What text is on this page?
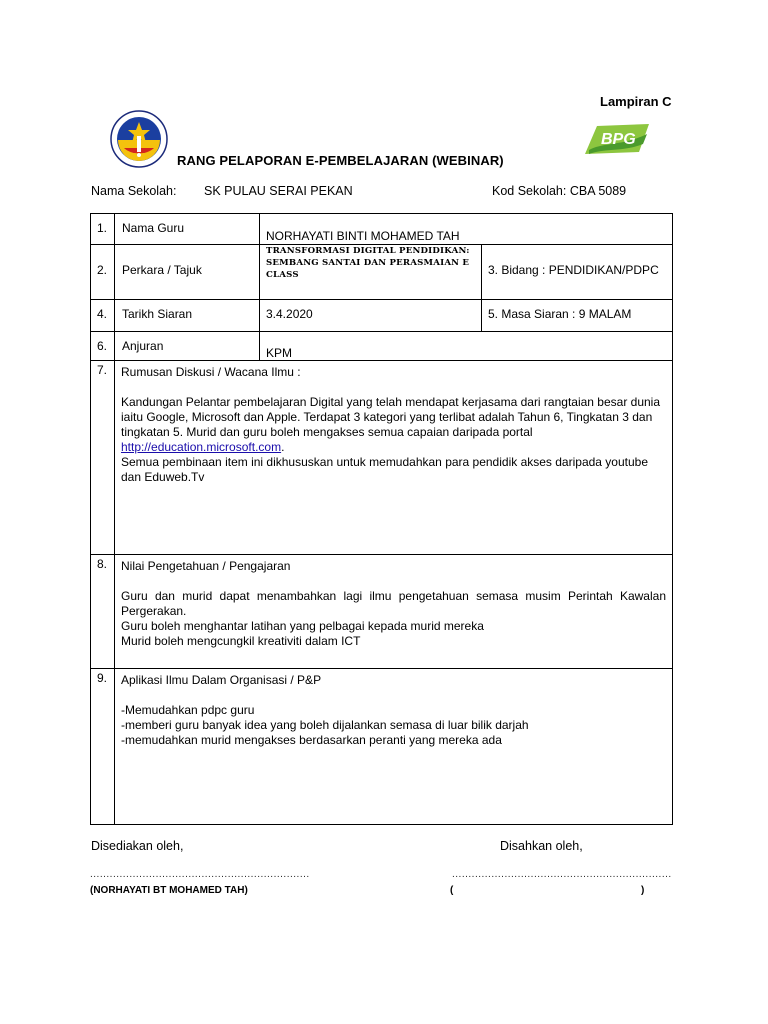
Lampiran C
RANG PELAPORAN E-PEMBELAJARAN (WEBINAR)
BPG
Nama Sekolah: SK PULAU SERAI PEKAN	Kod Sekolah: CBA 5089
1.	Nama Guru	NORHAYATI BINTI MOHAMED TAH	
2.	Perkara / Tajuk	TRANSFORMASI DIGITAL PENDIDIKAN:
SEMBANG SANTAI DAN PERASMAIAN E
CLASS	3. Bidang : PENDIDIKAN/PDPC
4.	Tarikh Siaran	3.4.2020	5. Masa Siaran : 9 MALAM
6.	Anjuran	KPM	
7.	Rumusan Diskusi / Wacana Ilmu :
Kandungan Pelantar pembelajaran Digital yang telah mendapat kerjasama dari rangtaian besar dunia iaitu Google, Microsoft dan Apple. Terdapat 3 kategori yang terlibat adalah Tahun 6, Tingkatan 3 dan tingkatan 5. Murid dan guru boleh mengakses semua capaian daripada portal http://education.microsoft.com.
Semua pembinaan item ini dikhususkan untuk memudahkan para pendidik akses daripada youtube dan Eduweb.Tv		

8.	Nilai Pengetahuan / Pengajaran
Guru dan murid dapat menambahkan lagi ilmu pengetahuan semasa musim Perintah Kawalan Pergerakan.
Guru boleh menghantar latihan yang pelbagai kepada murid mereka
Murid boleh mengcungkil kreativiti dalam ICT		

9.	Aplikasi Ilmu Dalam Organisasi / P&P
-Memudahkan pdpc guru
-memberi guru banyak idea yang boleh dijalankan semasa di luar bilik darjah
-memudahkan murid mengakses berdasarkan peranti yang mereka ada		
Disediakan oleh,	Disahkan oleh,
...................................................................	...................................................................
(NORHAYATI BT MOHAMED TAH)	(	)
